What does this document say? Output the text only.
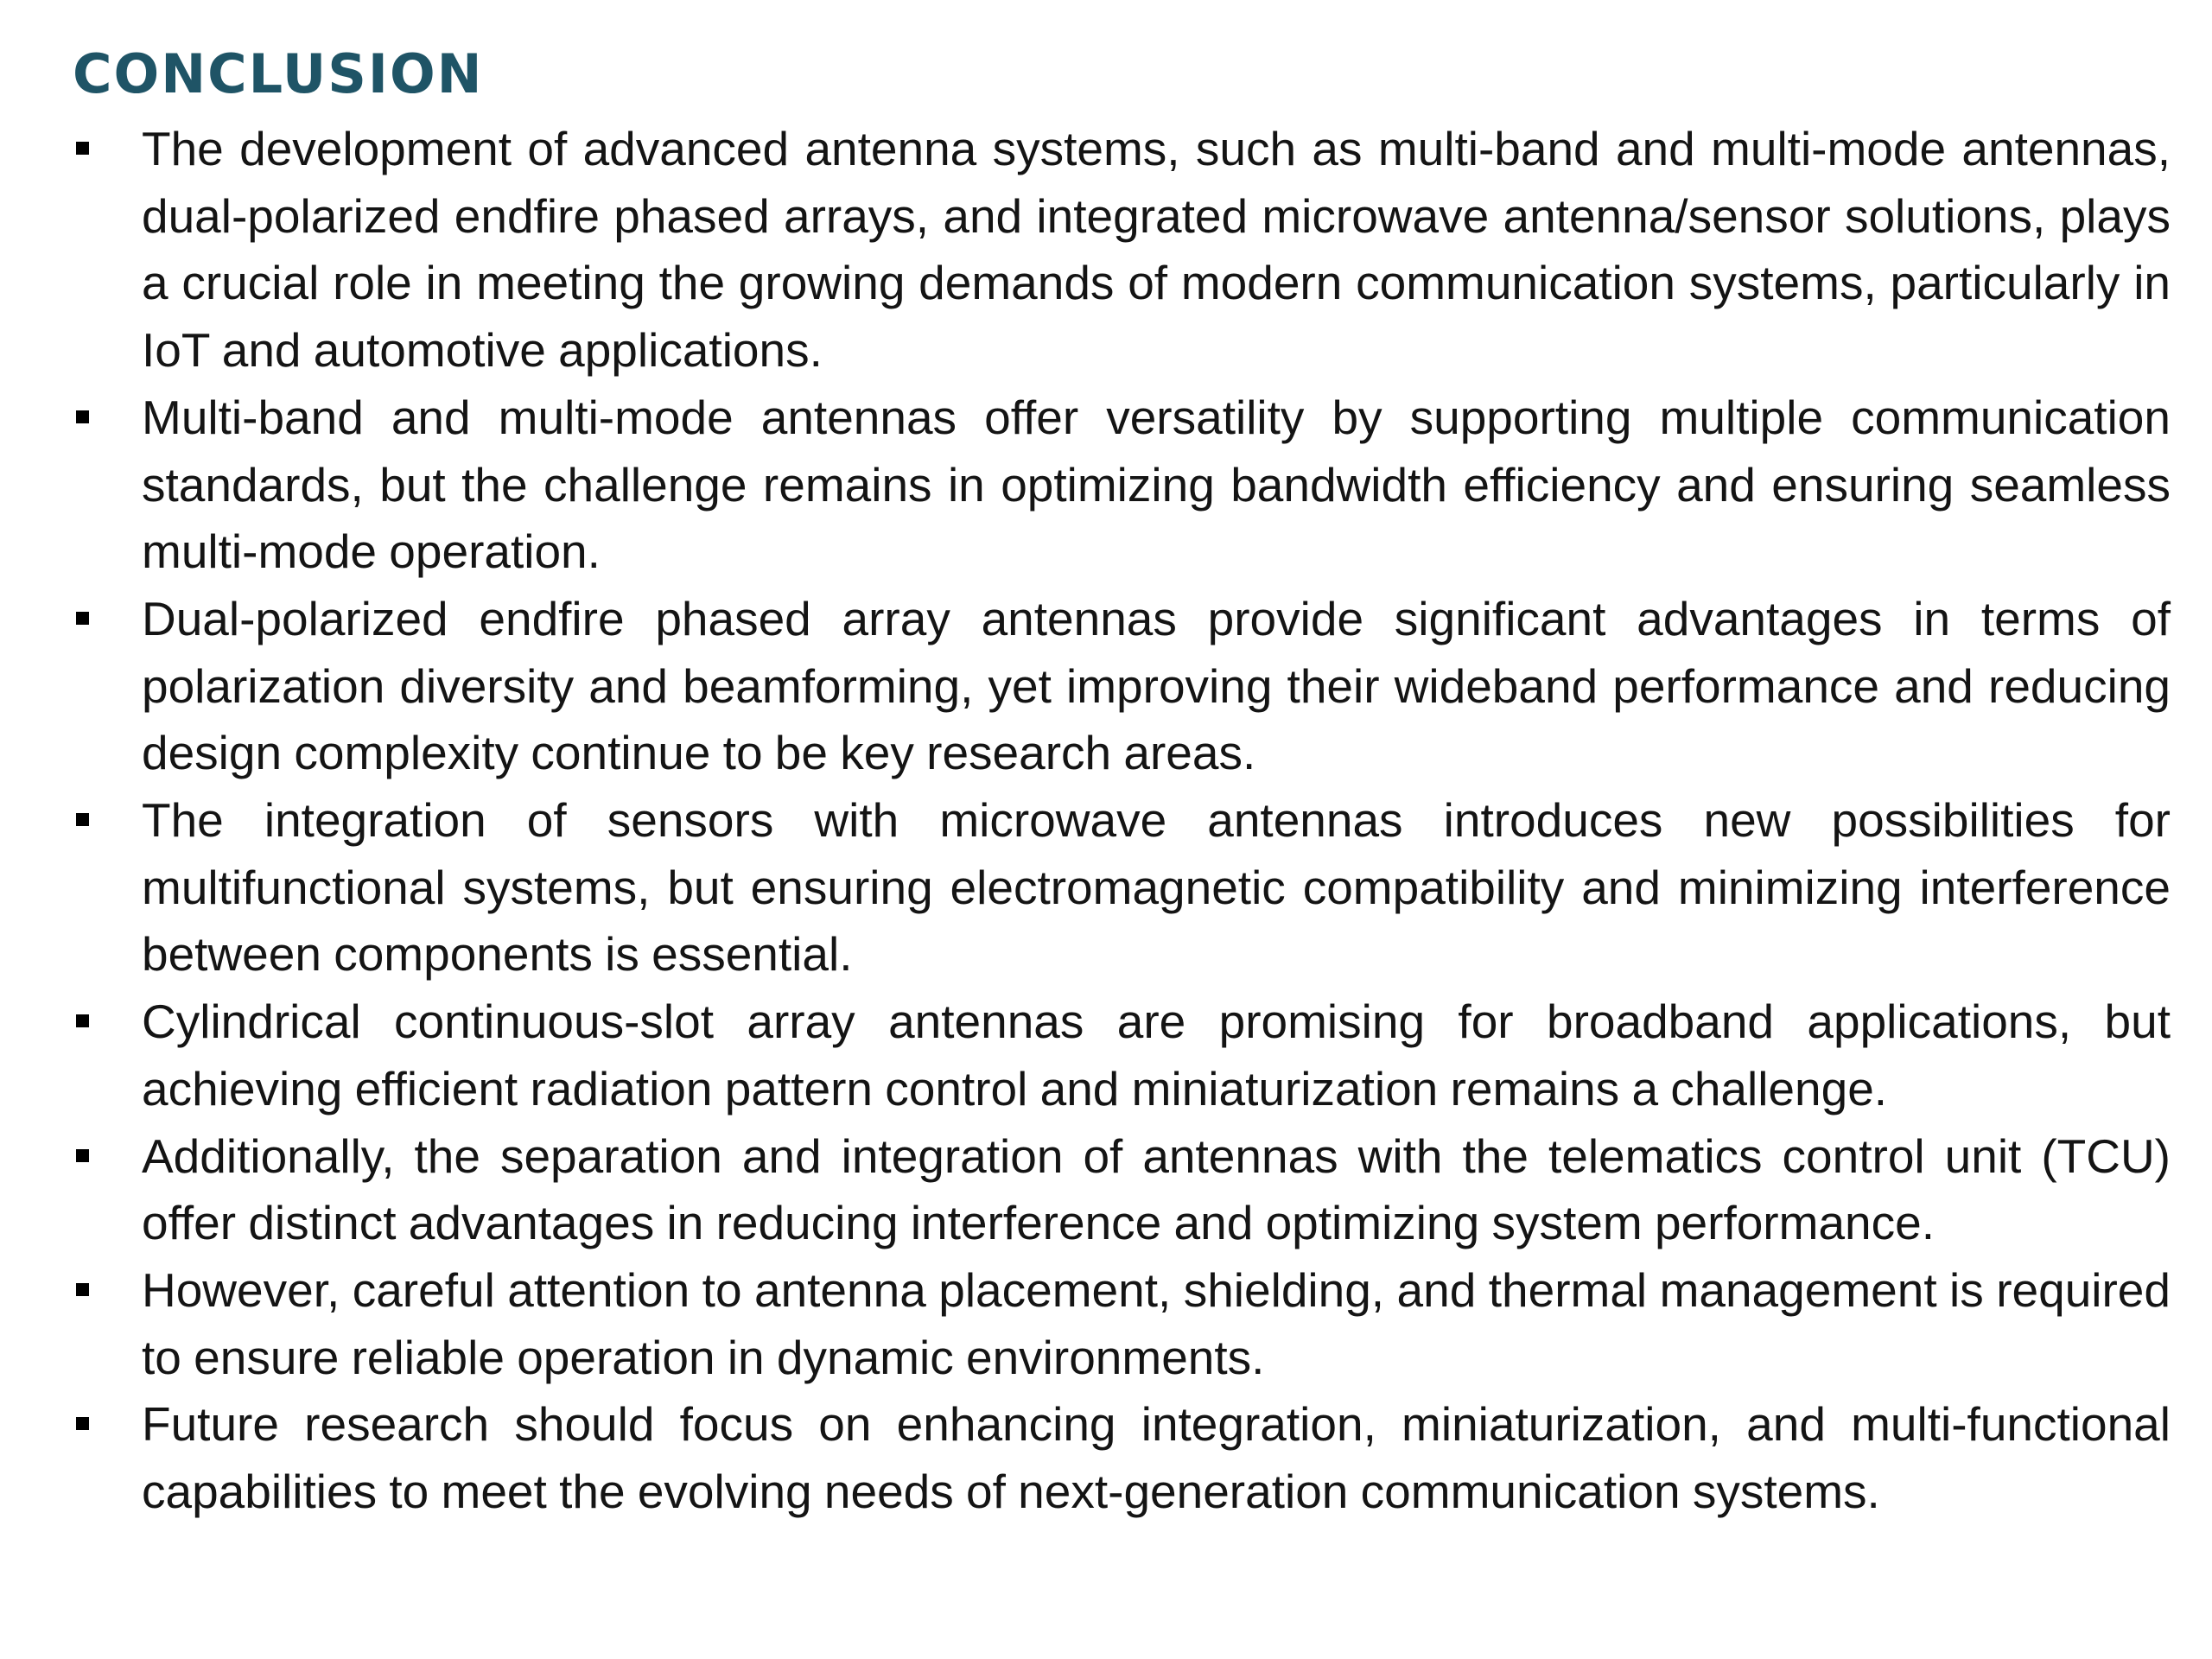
CONCLUSION
The development of advanced antenna systems, such as multi-band and multi-mode antennas, dual-polarized endfire phased arrays, and integrated microwave antenna/sensor solutions, plays a crucial role in meeting the growing demands of modern communication systems, particularly in IoT and automotive applications.
Multi-band and multi-mode antennas offer versatility by supporting multiple communication standards, but the challenge remains in optimizing bandwidth efficiency and ensuring seamless multi-mode operation.
Dual-polarized endfire phased array antennas provide significant advantages in terms of polarization diversity and beamforming, yet improving their wideband performance and reducing design complexity continue to be key research areas.
The integration of sensors with microwave antennas introduces new possibilities for multifunctional systems, but ensuring electromagnetic compatibility and minimizing interference between components is essential.
Cylindrical continuous-slot array antennas are promising for broadband applications, but achieving efficient radiation pattern control and miniaturization remains a challenge.
Additionally, the separation and integration of antennas with the telematics control unit (TCU) offer distinct advantages in reducing interference and optimizing system performance.
However, careful attention to antenna placement, shielding, and thermal management is required to ensure reliable operation in dynamic environments.
Future research should focus on enhancing integration, miniaturization, and multi-functional capabilities to meet the evolving needs of next-generation communication systems.
